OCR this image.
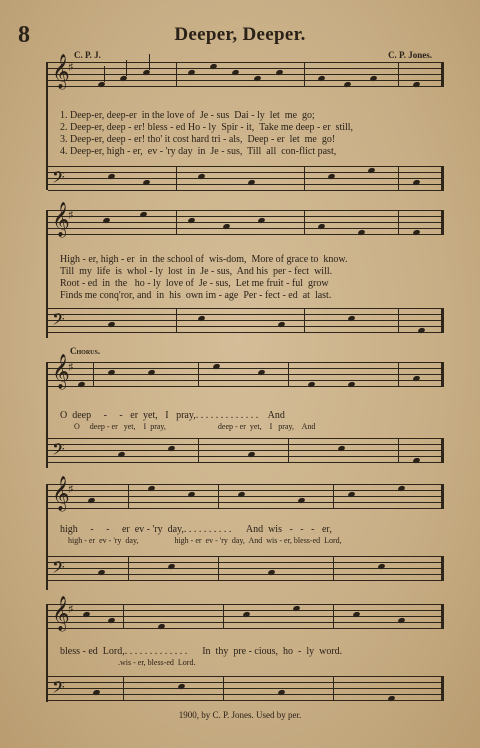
8	Deeper, Deeper.
C. P. J.	C. P. Jones.
𝄞
♯
1. Deep-er, deep-er  in the love of  Je - sus  Dai - ly  let  me  go;
2. Deep-er, deep - er! bless - ed Ho - ly  Spir - it,  Take me deep - er  still,
3. Deep-er, deep - er! tho' it cost hard tri - als,  Deep - er  let  me  go!
4. Deep-er, high - er,  ev - 'ry day  in  Je - sus,  Till  all  con-flict past,
𝄢
𝄞
♯
High - er, high - er  in  the school of  wis-dom,  More of grace to  know.
Till  my  life  is  whol - ly  lost  in  Je - sus,  And his  per - fect  will.
Root - ed  in  the   ho - ly  love of  Je - sus,  Let me fruit - ful  grow
Finds me conq'ror, and  in  his  own im - age  Per - fect - ed  at  last.
𝄢
Chorus.
𝄞
♯
O  deep     -     -   er  yet,   I   pray,. . . . . . . . . . . . .    And
O     deep - er   yet,    I  pray,                          deep - er  yet,    I   pray,    And
𝄢
𝄞
♯
high     -     -     er  ev - 'ry  day,. . . . . . . . . .      And  wis   -   -   -   er,
high - er  ev - 'ry  day,                  high - er  ev - 'ry  day,  And  wis - er, bless-ed  Lord,
𝄢
𝄞
♯
bless - ed  Lord,. . . . . . . . . . . . .      In  thy  pre - cious,  ho  -  ly  word.
.wis - er, bless-ed  Lord.
𝄢
1900, by C. P. Jones. Used by per.
